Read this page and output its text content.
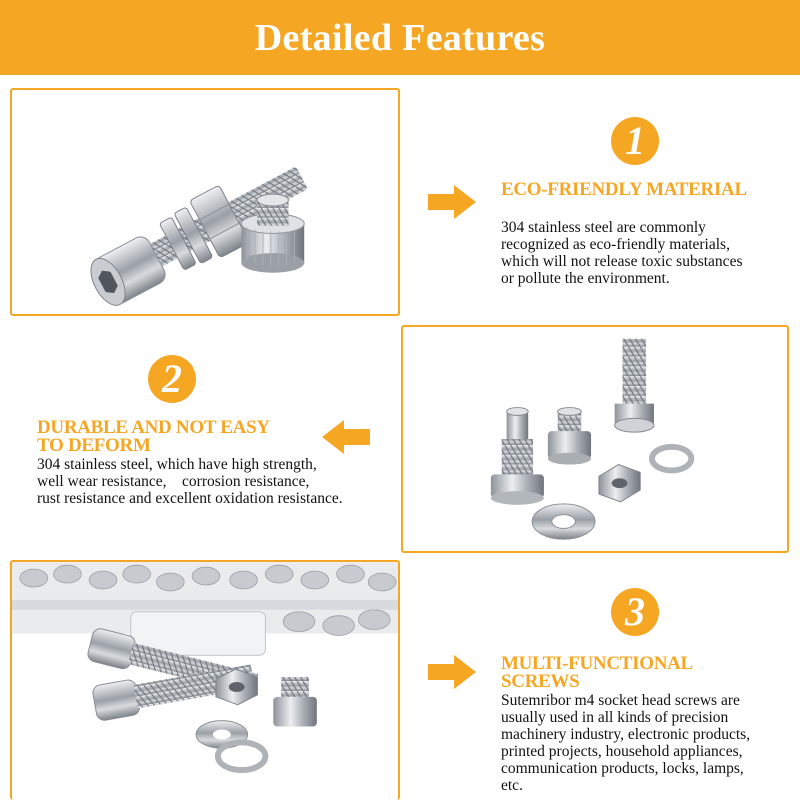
Detailed Features
1
ECO-FRIENDLY MATERIAL
304 stainless steel are commonly
recognized as eco-friendly materials,
which will not release toxic substances
or pollute the environment.
2
DURABLE AND NOT EASY
TO DEFORM
304 stainless steel, which have high strength,
well wear resistance,　corrosion resistance,
rust resistance and excellent oxidation resistance.
3
MULTI-FUNCTIONAL
SCREWS
Sutemribor m4 socket head screws are
usually used in all kinds of precision
machinery industry, electronic products,
printed projects, household appliances,
communication products, locks, lamps,
etc.
